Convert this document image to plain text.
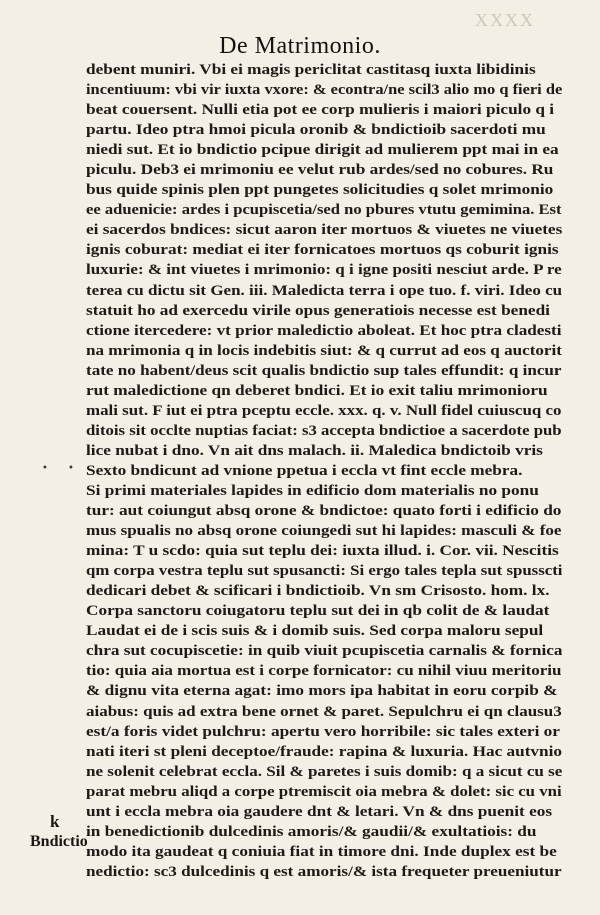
XXXX
De Matrimonio.
• •
debent muniri. Vbi ei magis periclitat castitasq iuxta libidinis
incentiuum: vbi vir iuxta vxore: & econtra/ne scil3 alio mo q fieri de
beat couersent. Nulli etia pot ee corp mulieris i maiori piculo q i
partu. Ideo ptra hmoi picula oronib & bndictioib sacerdoti mu
niedi sut. Et io bndictio pcipue dirigit ad mulierem ppt mai in ea
piculu. Deb3 ei mrimoniu ee velut rub ardes/sed no cobures. Ru
bus quide spinis plen ppt pungetes solicitudies q solet mrimonio
ee aduenicie: ardes i pcupiscetia/sed no pbures vtutu gemimina. Est
ei sacerdos bndices: sicut aaron iter mortuos & viuetes ne viuetes
ignis coburat: mediat ei iter fornicatoes mortuos qs coburit ignis
luxurie: & int viuetes i mrimonio: q i igne positi nesciut arde. P re
terea cu dictu sit Gen. iii. Maledicta terra i ope tuo. f. viri. Ideo cu
statuit ho ad exercedu virile opus generatiois necesse est benedi
ctione itercedere: vt prior maledictio aboleat. Et hoc ptra cladesti
na mrimonia q in locis indebitis siut: & q currut ad eos q auctorit
tate no habent/deus scit qualis bndictio sup tales effundit: q incur
rut maledictione qn deberet bndici. Et io exit taliu mrimonioru
mali sut. F iut ei ptra pceptu eccle. xxx. q. v. Null fidel cuiuscuq co
ditois sit occlte nuptias faciat: s3 accepta bndictioe a sacerdote pub
lice nubat i dno. Vn ait dns malach. ii. Maledica bndictoib vris
Sexto bndicunt ad vnione ppetua i eccla vt fint eccle mebra.
Si primi materiales lapides in edificio dom materialis no ponu
tur: aut coiungut absq orone & bndictoe: quato forti i edificio do
mus spualis no absq orone coiungedi sut hi lapides: masculi & foe
mina: T u scdo: quia sut teplu dei: iuxta illud. i. Cor. vii. Nescitis
qm corpa vestra teplu sut spusancti: Si ergo tales tepla sut spusscti
dedicari debet & scificari i bndictioib. Vn sm Crisosto. hom. lx.
Corpa sanctoru coiugatoru teplu sut dei in qb colit de & laudat
Laudat ei de i scis suis & i domib suis. Sed corpa maloru sepul
chra sut cocupiscetie: in quib viuit pcupiscetia carnalis & fornica
tio: quia aia mortua est i corpe fornicator: cu nihil viuu meritoriu
& dignu vita eterna agat: imo mors ipa habitat in eoru corpib &
aiabus: quis ad extra bene ornet & paret. Sepulchru ei qn clausu3
est/a foris videt pulchru: apertu vero horribile: sic tales exteri or
nati iteri st pleni deceptoe/fraude: rapina & luxuria. Hac autvnio
ne solenit celebrat eccla. Sil & paretes i suis domib: q a sicut cu se
parat mebru aliqd a corpe ptremiscit oia mebra & dolet: sic cu vni
unt i eccla mebra oia gaudere dnt & letari. Vn & dns puenit eos
in benedictionib dulcedinis amoris/& gaudii/& exultatiois: du
modo ita gaudeat q coniuia fiat in timore dni. Inde duplex est be
nedictio: sc3 dulcedinis q est amoris/& ista frequeter preueniutur
k
Bndictio
